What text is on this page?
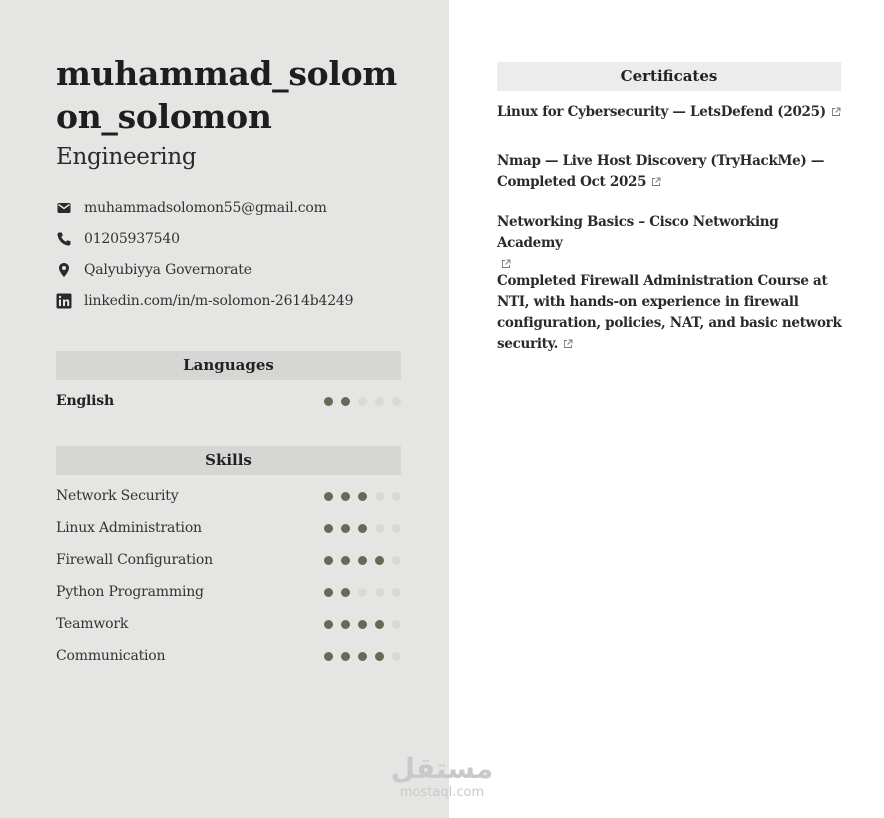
muhammad_solomon_solomon
Engineering
muhammadsolomon55@gmail.com
01205937540
Qalyubiyya Governorate
linkedin.com/in/m-solomon-2614b4249
Languages
English
Skills
Network Security
Linux Administration
Firewall Configuration
Python Programming
Teamwork
Communication
Certificates
Linux for Cybersecurity — LetsDefend (2025)
Nmap — Live Host Discovery (TryHackMe) — Completed Oct 2025
Networking Basics – Cisco Networking Academy

Completed Firewall Administration Course at NTI, with hands-on experience in firewall configuration, policies, NAT, and basic network security.
مستقل
mostaql.com
